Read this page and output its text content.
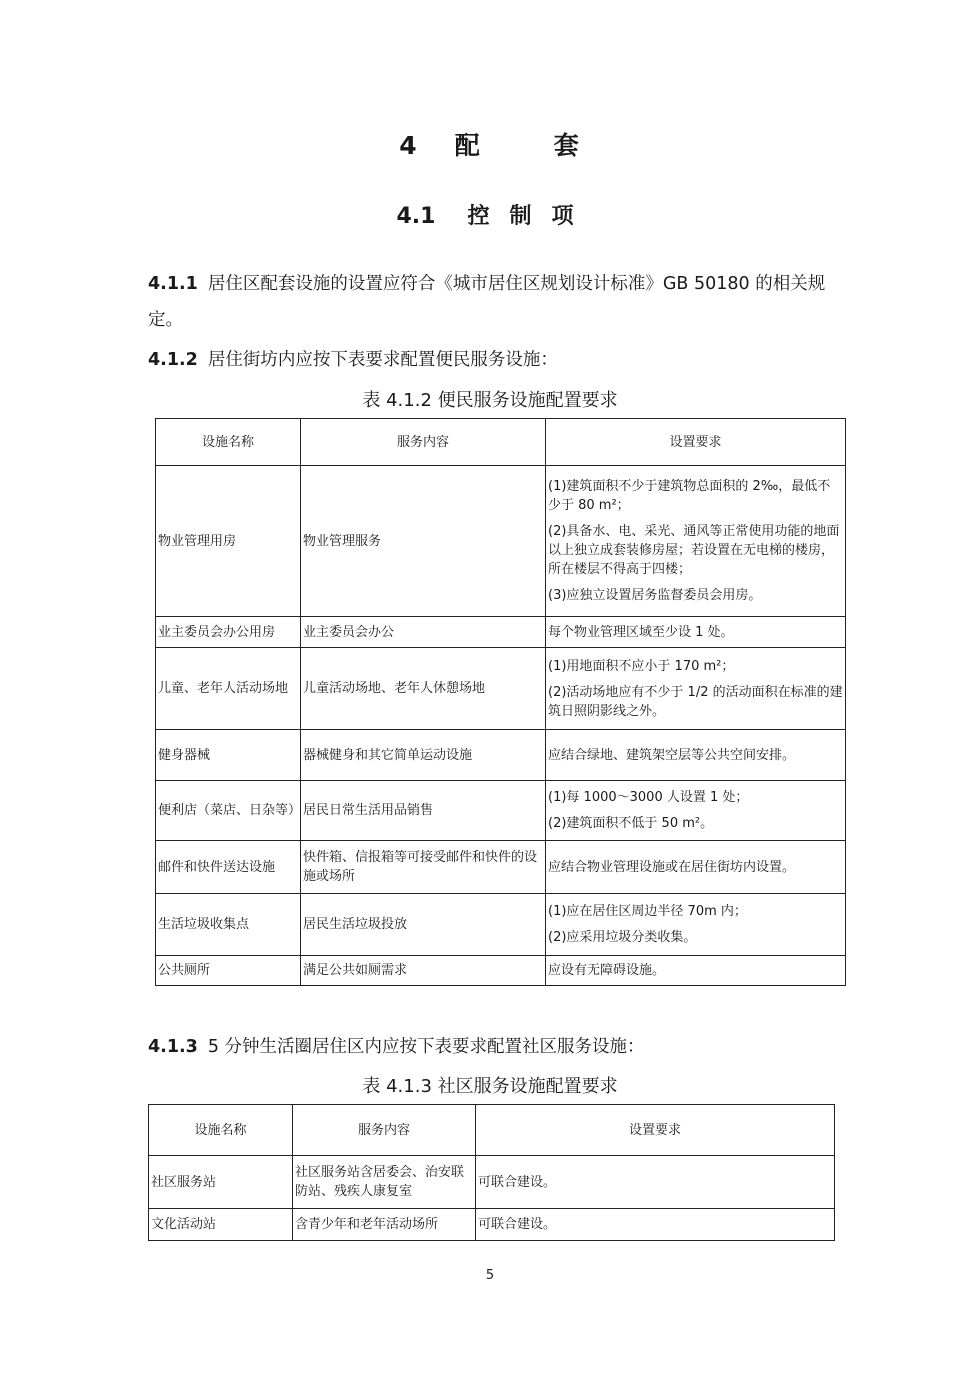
4 配	套
4.1 控 制 项
4.1.1 居住区配套设施的设置应符合《城市居住区规划设计标准》GB 50180 的相关规定。
4.1.2 居住街坊内应按下表要求配置便民服务设施：
表 4.1.2 便民服务设施配置要求
设施名称	服务内容	设置要求
物业管理用房	物业管理服务	(1)建筑面积不少于建筑物总面积的 2‰，最低不少于 80 m²；
(2)具备水、电、采光、通风等正常使用功能的地面以上独立成套装修房屋；若设置在无电梯的楼房，所在楼层不得高于四楼；
(3)应独立设置居务监督委员会用房。

业主委员会办公用房	业主委员会办公	每个物业管理区域至少设 1 处。
儿童、老年人活动场地	儿童活动场地、老年人休憩场地	(1)用地面积不应小于 170 m²；
(2)活动场地应有不少于 1/2 的活动面积在标准的建筑日照阴影线之外。

健身器械	器械健身和其它简单运动设施	应结合绿地、建筑架空层等公共空间安排。
便利店（菜店、日杂等）	居民日常生活用品销售	(1)每 1000～3000 人设置 1 处；
(2)建筑面积不低于 50 m²。

邮件和快件送达设施	快件箱、信报箱等可接受邮件和快件的设施或场所	应结合物业管理设施或在居住街坊内设置。
生活垃圾收集点	居民生活垃圾投放	(1)应在居住区周边半径 70m 内；
(2)应采用垃圾分类收集。

公共厕所	满足公共如厕需求	应设有无障碍设施。
4.1.3 5 分钟生活圈居住区内应按下表要求配置社区服务设施：
表 4.1.3 社区服务设施配置要求
设施名称	服务内容	设置要求
社区服务站	社区服务站含居委会、治安联防站、残疾人康复室	可联合建设。
文化活动站	含青少年和老年活动场所	可联合建设。
5
